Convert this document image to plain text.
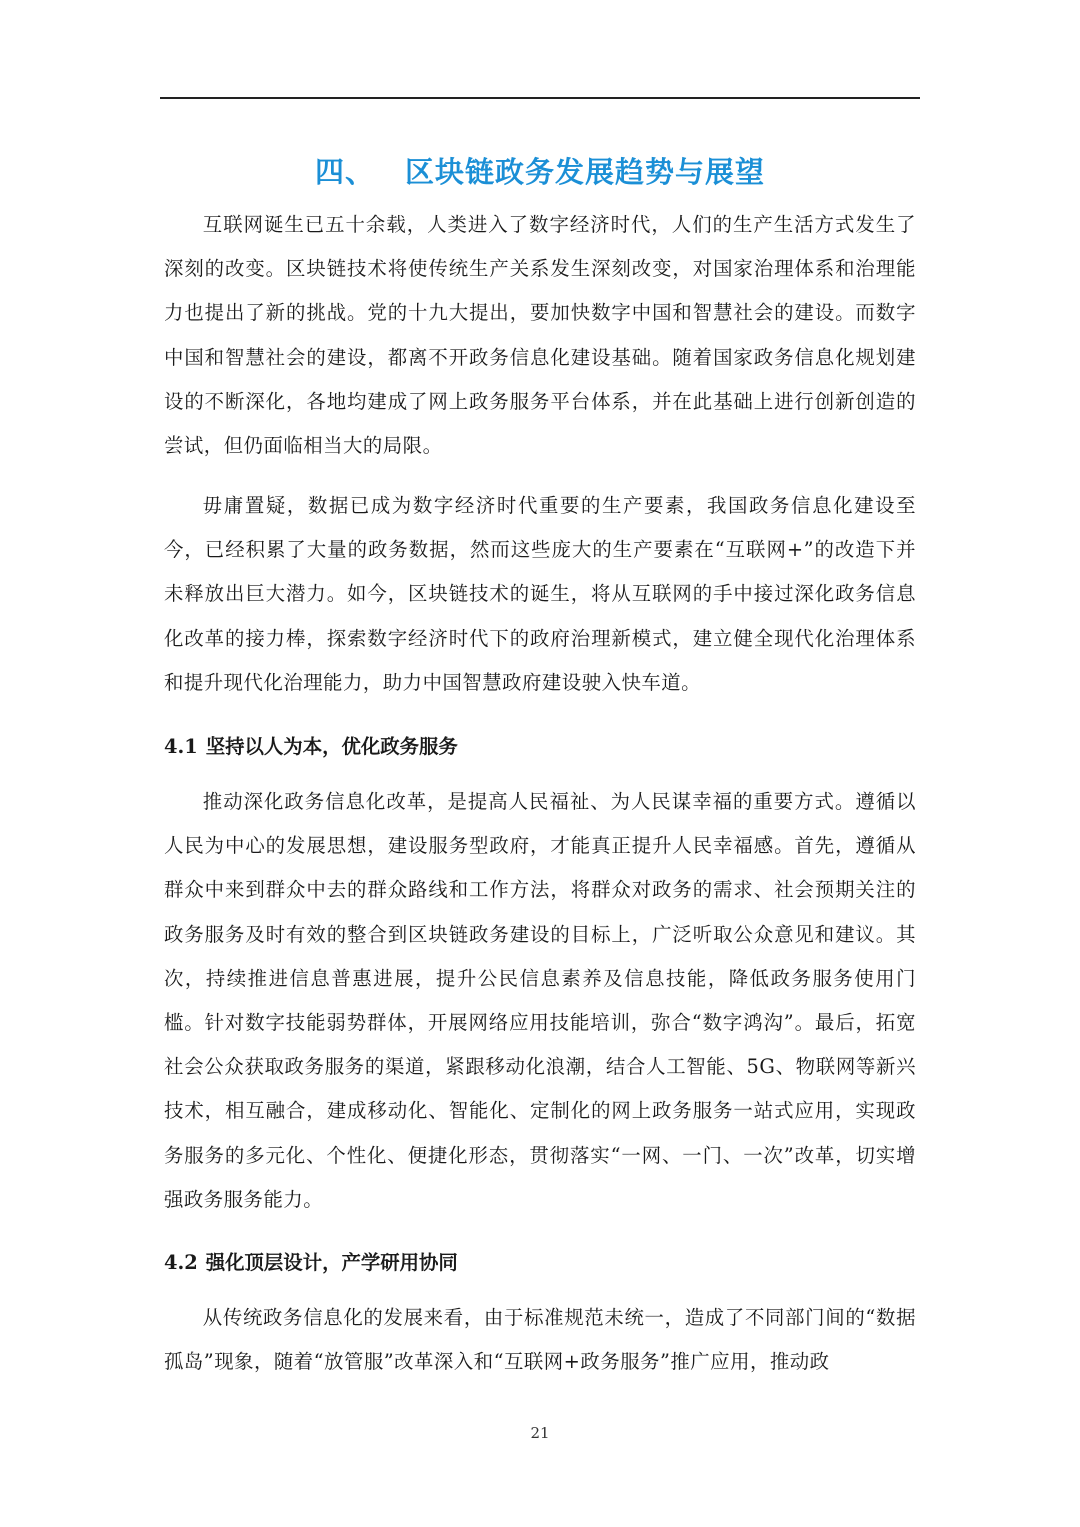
四、 区块链政务发展趋势与展望

互联网诞生已五十余载，人类进入了数字经济时代，人们的生产生活方式发生了深刻的改变。区块链技术将使传统生产关系发生深刻改变，对国家治理体系和治理能力也提出了新的挑战。党的十九大提出，要加快数字中国和智慧社会的建设。而数字中国和智慧社会的建设，都离不开政务信息化建设基础。随着国家政务信息化规划建设的不断深化，各地均建成了网上政务服务平台体系，并在此基础上进行创新创造的尝试，但仍面临相当大的局限。

毋庸置疑，数据已成为数字经济时代重要的生产要素，我国政务信息化建设至今，已经积累了大量的政务数据，然而这些庞大的生产要素在“互联网+”的改造下并未释放出巨大潜力。如今，区块链技术的诞生，将从互联网的手中接过深化政务信息化改革的接力棒，探索数字经济时代下的政府治理新模式，建立健全现代化治理体系和提升现代化治理能力，助力中国智慧政府建设驶入快车道。

4.1 坚持以人为本，优化政务服务

推动深化政务信息化改革，是提高人民福祉、为人民谋幸福的重要方式。遵循以人民为中心的发展思想，建设服务型政府，才能真正提升人民幸福感。首先，遵循从群众中来到群众中去的群众路线和工作方法，将群众对政务的需求、社会预期关注的政务服务及时有效的整合到区块链政务建设的目标上，广泛听取公众意见和建议。其次，持续推进信息普惠进展，提升公民信息素养及信息技能，降低政务服务使用门槛。针对数字技能弱势群体，开展网络应用技能培训，弥合“数字鸿沟”。最后，拓宽社会公众获取政务服务的渠道，紧跟移动化浪潮，结合人工智能、5G、物联网等新兴技术，相互融合，建成移动化、智能化、定制化的网上政务服务一站式应用，实现政务服务的多元化、个性化、便捷化形态，贯彻落实“一网、一门、一次”改革，切实增强政务服务能力。

4.2 强化顶层设计，产学研用协同

从传统政务信息化的发展来看，由于标准规范未统一，造成了不同部门间的“数据孤岛”现象，随着“放管服”改革深入和“互联网+政务服务”推广应用，推动政

21
